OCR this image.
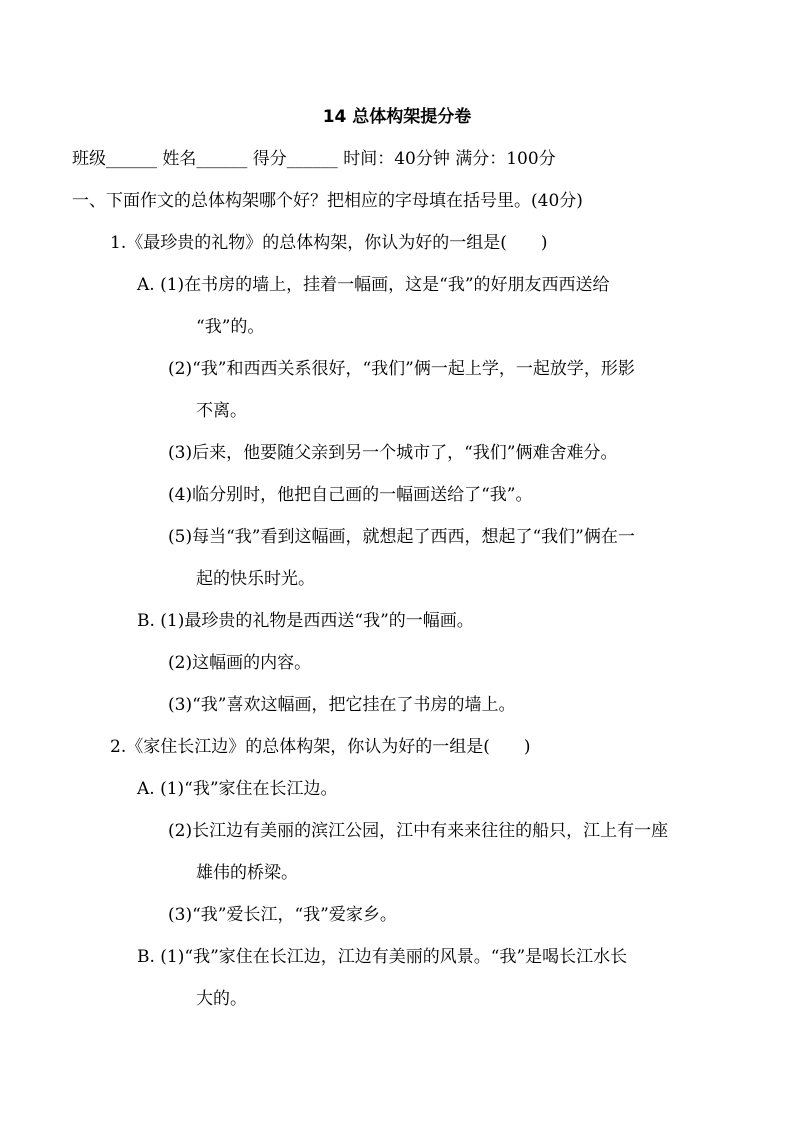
14 总体构架提分卷
班级______ 姓名______ 得分______ 时间：40分钟 满分：100分
一、下面作文的总体构架哪个好？把相应的字母填在括号里。(40分)
1.《最珍贵的礼物》的总体构架，你认为好的一组是(　　)
A. (1)在书房的墙上，挂着一幅画，这是“我”的好朋友西西送给
“我”的。
(2)“我”和西西关系很好，“我们”俩一起上学，一起放学，形影
不离。
(3)后来，他要随父亲到另一个城市了，“我们”俩难舍难分。
(4)临分别时，他把自己画的一幅画送给了“我”。
(5)每当“我”看到这幅画，就想起了西西，想起了“我们”俩在一
起的快乐时光。
B. (1)最珍贵的礼物是西西送“我”的一幅画。
(2)这幅画的内容。
(3)“我”喜欢这幅画，把它挂在了书房的墙上。
2.《家住长江边》的总体构架，你认为好的一组是(　　)
A. (1)“我”家住在长江边。
(2)长江边有美丽的滨江公园，江中有来来往往的船只，江上有一座
雄伟的桥梁。
(3)“我”爱长江，“我”爱家乡。
B. (1)“我”家住在长江边，江边有美丽的风景。“我”是喝长江水长
大的。
